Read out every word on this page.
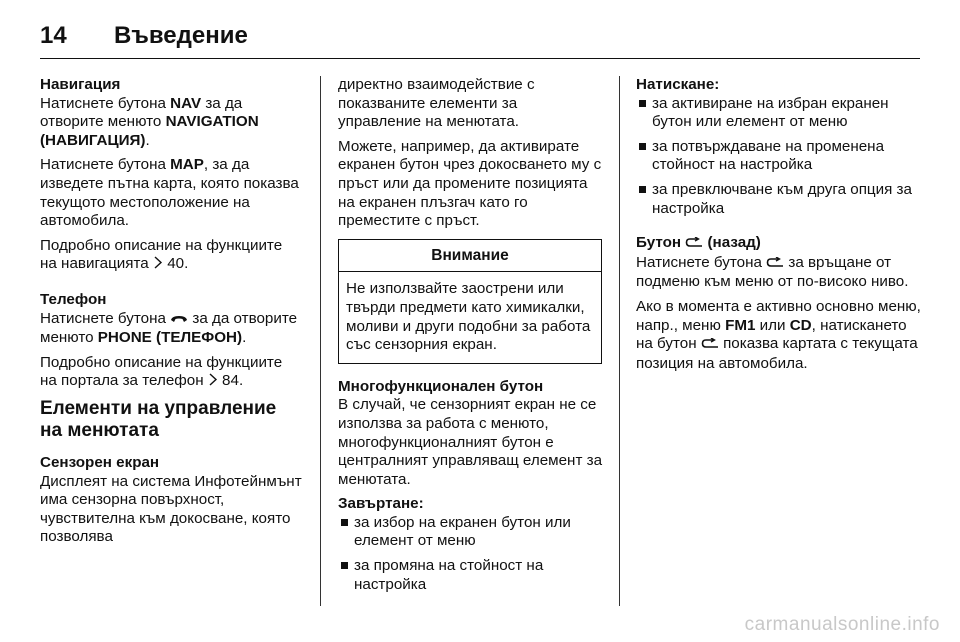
14	Въведение

Навигация

Натиснете бутона NAV за да отворите менюто NAVIGATION (НАВИГАЦИЯ).

Натиснете бутона MAP, за да изведете пътна карта, която показва текущото местоположение на автомобила.

Подробно описание на функциите на навигацията  40.

Телефон

Натиснете бутона  за да отворите менюто PHONE (ТЕЛЕФОН).

Подробно описание на функциите на портала за телефон  84.

Елементи на управление на менютата

Сензорен екран

Дисплеят на система Инфотейнмънт има сензорна повърхност, чувствителна към докосване, която позволява

директно взаимодействие с показваните елементи за управление на менютата.

Можете, например, да активирате екранен бутон чрез докосването му с пръст или да промените позицията на екранен плъзгач като го преместите с пръст.

Внимание
Не използвайте заострени или твърди предмети като химикалки, моливи и други подобни за работа със сензорния екран.

Многофункционален бутон

В случай, че сензорният екран не се използва за работа с менюто, многофункционалният бутон е централният управляващ елемент за менютата.

Завъртане:

за избор на екранен бутон или елемент от меню
за промяна на стойност на настройка

Натискане:

за активиране на избран екранен бутон или елемент от меню
за потвърждаване на променена стойност на настройка
за превключване към друга опция за настройка

Бутон  (назад)

Натиснете бутона  за връщане от подменю към меню от по-високо ниво.

Ако в момента е активно основно меню, напр., меню FM1 или CD, натискането на бутон  показва картата с текущата позиция на автомобила.

carmanualsonline.info
